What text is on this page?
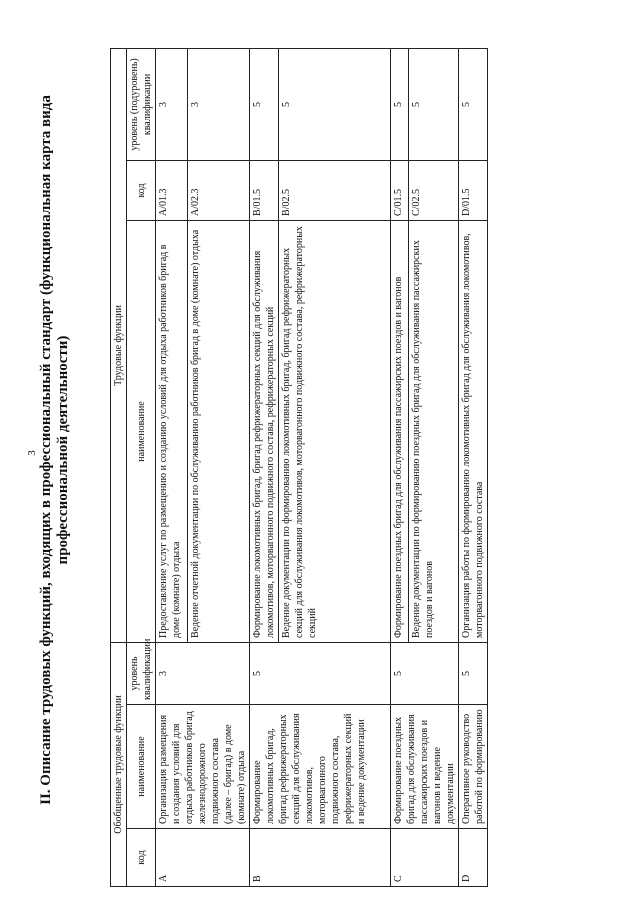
3 II. Описание трудовых функций, входящих в профессиональный стандарт (функциональная карта вида профессиональной деятельности)
Обобщенные трудовые функции			Трудовые функции		
код	наименование	уровень квалификации	наименование	код	уровень (подуровень) квалификации
A	Организация размещения и создания условий для отдыха работников бригад железнодорожного подвижного состава (далее – бригад) в доме (комнате) отдыха	3	Предоставление услуг по размещению и созданию условий для отдыха работников бригад в доме (комнате) отдыха	A/01.3	3
			Ведение отчетной документации по обслуживанию работников бригад в доме (комнате) отдыха	A/02.3	3
B	Формирование локомотивных бригад, бригад рефрижераторных секций для обслуживания локомотивов, моторвагонного подвижного состава, рефрижераторных секций и ведение документации	5	Формирование локомотивных бригад, бригад рефрижераторных секций для обслуживания локомотивов, моторвагонного подвижного состава, рефрижераторных секций	B/01.5	5
			Ведение документации по формированию локомотивных бригад, бригад рефрижераторных секций для обслуживания локомотивов, моторвагонного подвижного состава, рефрижераторных секций	B/02.5	5
C	Формирование поездных бригад для обслуживания пассажирских поездов и вагонов и ведение документации	5	Формирование поездных бригад для обслуживания пассажирских поездов и вагонов	C/01.5	5
			Ведение документации по формированию поездных бригад для обслуживания пассажирских поездов и вагонов	C/02.5	5
D	Оперативное руководство работой по формированию	5	Организация работы по формированию локомотивных бригад для обслуживания локомотивов, моторвагонного подвижного состава	D/01.5	5
